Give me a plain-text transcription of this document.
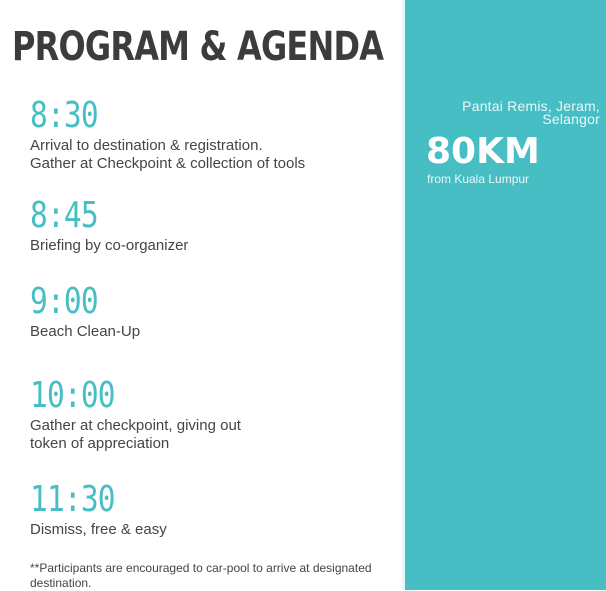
PROGRAM & AGENDA
8:30
Arrival to destination & registration.
Gather at Checkpoint & collection of tools
8:45
Briefing by co-organizer
9:00
Beach Clean-Up
10:00
Gather at checkpoint, giving out
token of appreciation
11:30
Dismiss, free & easy
**Participants are encouraged to car-pool to arrive at designated destination.
Pantai Remis, Jeram,
Selangor
80KM
from Kuala Lumpur
